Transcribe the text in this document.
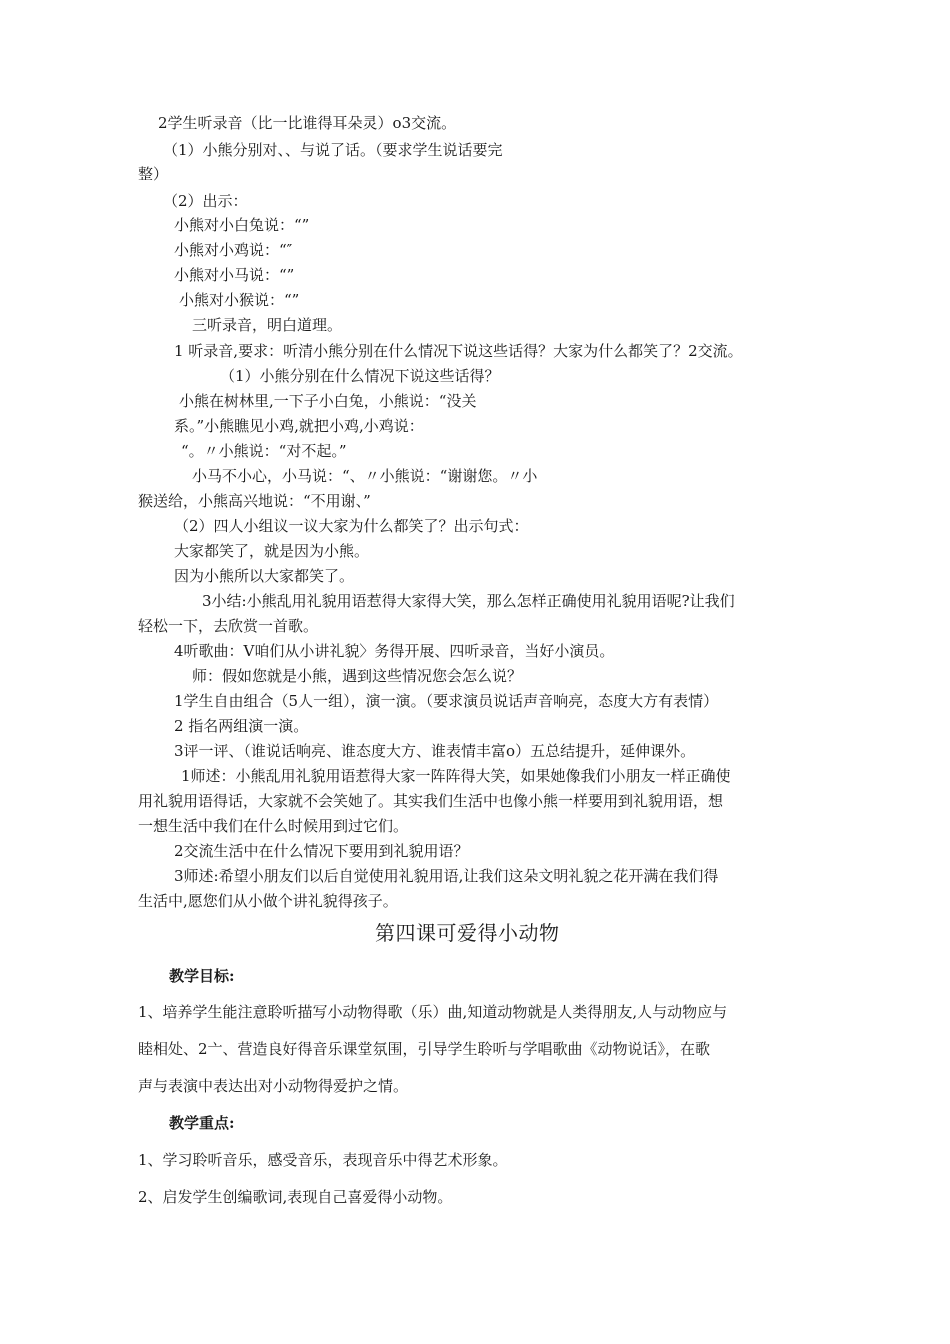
2学生听录音（比一比谁得耳朵灵）o3交流。
（1）小熊分别对、、与说了话。（要求学生说话要完
整）
（2）出示：
小熊对小白兔说：“”
小熊对小鸡说：“″
小熊对小马说：“”
小熊对小猴说：“”
三听录音，明白道理。
1 听录音,要求：听清小熊分别在什么情况下说这些话得？大家为什么都笑了？2交流。
（1）小熊分别在什么情况下说这些话得？
小熊在树林里,一下子小白兔，小熊说：“没关
系。”小熊瞧见小鸡,就把小鸡,小鸡说：
“。〃小熊说：“对不起。”
小马不小心，小马说：“、〃小熊说：“谢谢您。〃小
猴送给，小熊高兴地说：“不用谢、”
（2）四人小组议一议大家为什么都笑了？出示句式：
大家都笑了，就是因为小熊。
因为小熊所以大家都笑了。
3小结:小熊乱用礼貌用语惹得大家得大笑，那么怎样正确使用礼貌用语呢?让我们
轻松一下，去欣赏一首歌。
4听歌曲：V咱们从小讲礼貌〉务得开展、四听录音，当好小演员。
师：假如您就是小熊，遇到这些情况您会怎么说？
1学生自由组合（5人一组），演一演。（要求演员说话声音响亮，态度大方有表情）
2 指名两组演一演。
3评一评、（谁说话响亮、谁态度大方、谁表情丰富o）五总结提升，延伸课外。
1师述：小熊乱用礼貌用语惹得大家一阵阵得大笑，如果她像我们小朋友一样正确使
用礼貌用语得话，大家就不会笑她了。其实我们生活中也像小熊一样要用到礼貌用语，想
一想生活中我们在什么时候用到过它们。
2交流生活中在什么情况下要用到礼貌用语？
3师述:希望小朋友们以后自觉使用礼貌用语,让我们这朵文明礼貌之花开满在我们得
生活中,愿您们从小做个讲礼貌得孩子。
第四课可爱得小动物
教学目标:
1、培养学生能注意聆听描写小动物得歌（乐）曲,知道动物就是人类得朋友,人与动物应与
睦相处、2亠、营造良好得音乐课堂氛围，引导学生聆听与学唱歌曲《动物说话》，在歌
声与表演中表达出对小动物得爱护之情。
教学重点:
1、学习聆听音乐，感受音乐，表现音乐中得艺术形象。
2、启发学生创编歌词,表现自己喜爱得小动物。
